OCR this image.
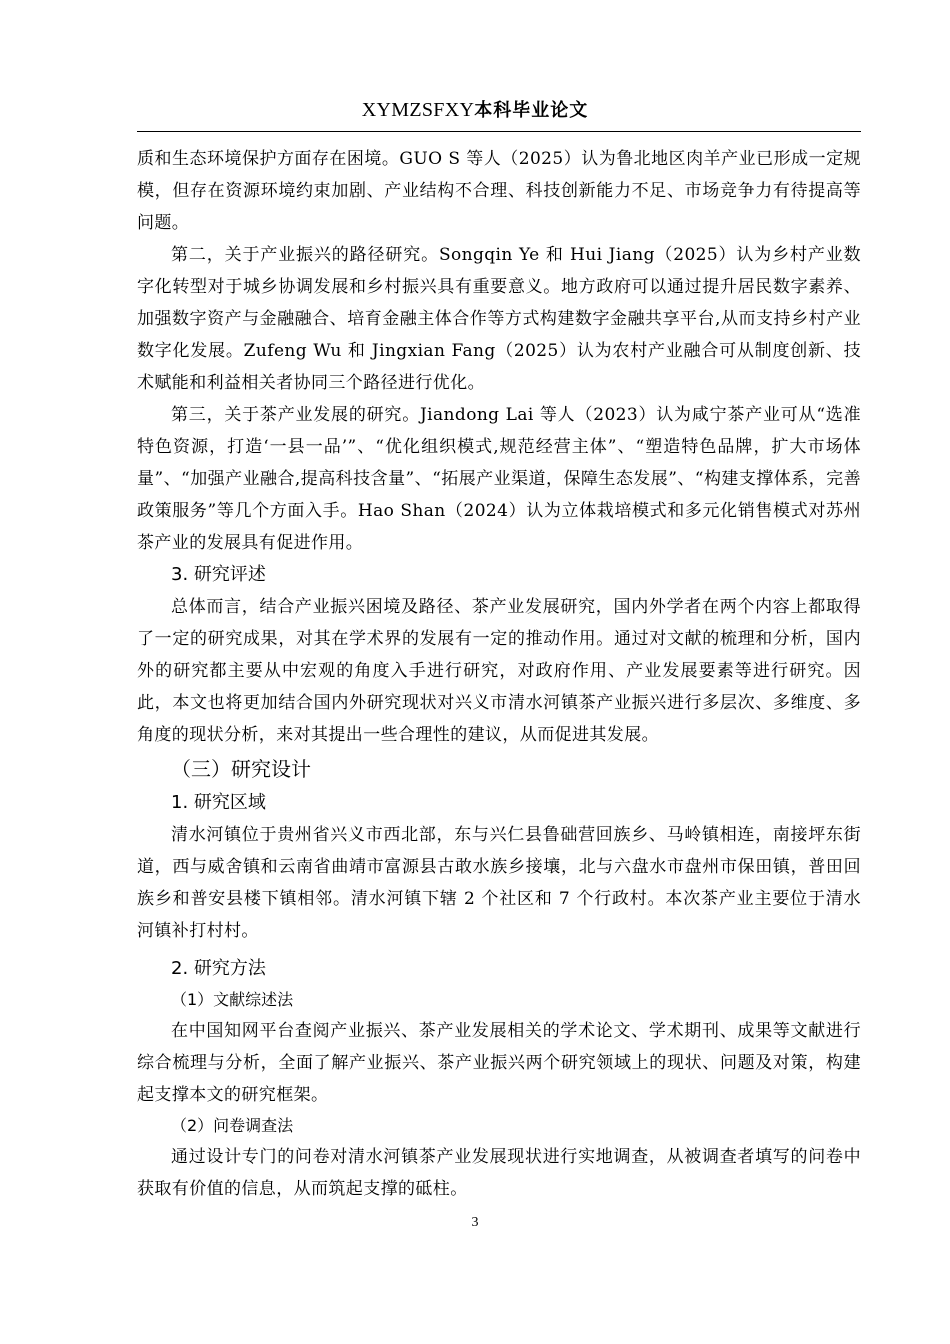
XYMZSFXY本科毕业论文

质和生态环境保护方面存在困境。GUO S 等人（2025）认为鲁北地区肉羊产业已形成一定规模，但存在资源环境约束加剧、产业结构不合理、科技创新能力不足、市场竞争力有待提高等问题。

第二，关于产业振兴的路径研究。Songqin Ye 和 Hui Jiang（2025）认为乡村产业数字化转型对于城乡协调发展和乡村振兴具有重要意义。地方政府可以通过提升居民数字素养、加强数字资产与金融融合、培育金融主体合作等方式构建数字金融共享平台,从而支持乡村产业数字化发展。Zufeng Wu 和 Jingxian Fang（2025）认为农村产业融合可从制度创新、技术赋能和利益相关者协同三个路径进行优化。

第三，关于茶产业发展的研究。Jiandong Lai 等人（2023）认为咸宁茶产业可从“选准特色资源，打造‘一县一品’”、“优化组织模式,规范经营主体”、“塑造特色品牌，扩大市场体量”、“加强产业融合,提高科技含量”、“拓展产业渠道，保障生态发展”、“构建支撑体系，完善政策服务”等几个方面入手。Hao Shan（2024）认为立体栽培模式和多元化销售模式对苏州茶产业的发展具有促进作用。

3. 研究评述

总体而言，结合产业振兴困境及路径、茶产业发展研究，国内外学者在两个内容上都取得了一定的研究成果，对其在学术界的发展有一定的推动作用。通过对文献的梳理和分析，国内外的研究都主要从中宏观的角度入手进行研究，对政府作用、产业发展要素等进行研究。因此，本文也将更加结合国内外研究现状对兴义市清水河镇茶产业振兴进行多层次、多维度、多角度的现状分析，来对其提出一些合理性的建议，从而促进其发展。

（三）研究设计

1. 研究区域

清水河镇位于贵州省兴义市西北部，东与兴仁县鲁础营回族乡、马岭镇相连，南接坪东街道，西与威舍镇和云南省曲靖市富源县古敢水族乡接壤，北与六盘水市盘州市保田镇，普田回族乡和普安县楼下镇相邻。清水河镇下辖 2 个社区和 7 个行政村。本次茶产业主要位于清水河镇补打村村。

2. 研究方法

（1）文献综述法

在中国知网平台查阅产业振兴、茶产业发展相关的学术论文、学术期刊、成果等文献进行综合梳理与分析，全面了解产业振兴、茶产业振兴两个研究领域上的现状、问题及对策，构建起支撑本文的研究框架。

（2）问卷调查法

通过设计专门的问卷对清水河镇茶产业发展现状进行实地调查，从被调查者填写的问卷中获取有价值的信息，从而筑起支撑的砥柱。

3
